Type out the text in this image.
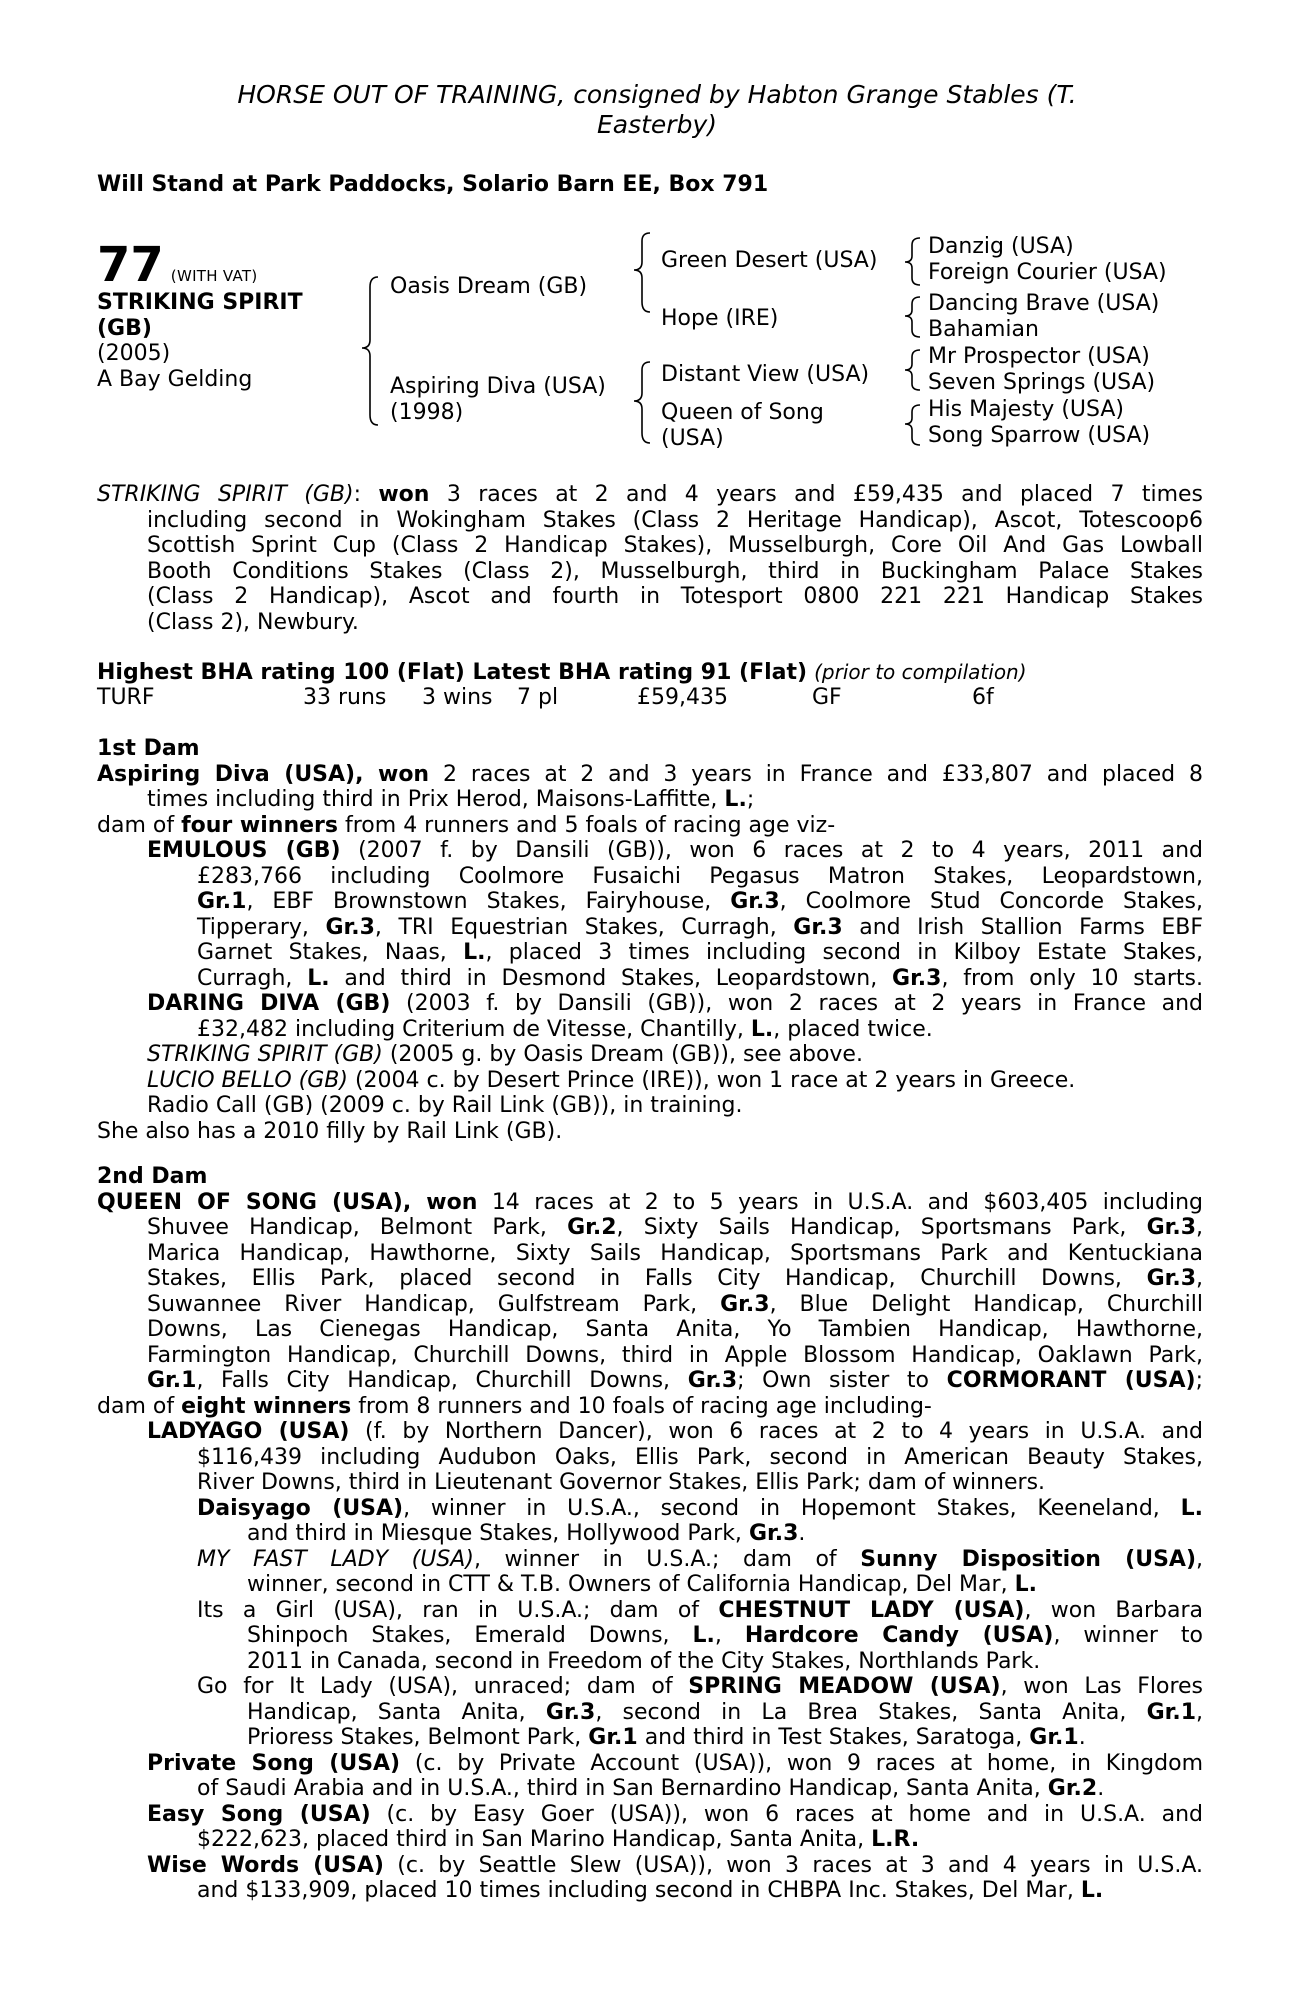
HORSE OUT OF TRAINING, consigned by Habton Grange Stables (T.
Easterby)
Will Stand at Park Paddocks, Solario Barn EE, Box 791
77 (WITH VAT)
STRIKING SPIRIT
(GB)
(2005)
A Bay Gelding
Oasis Dream (GB)
Aspiring Diva (USA)
(1998)
Green Desert (USA)
Hope (IRE)
Distant View (USA)
Queen of Song
(USA)
Danzig (USA)
Foreign Courier (USA)
Dancing Brave (USA)
Bahamian
Mr Prospector (USA)
Seven Springs (USA)
His Majesty (USA)
Song Sparrow (USA)
STRIKING SPIRIT (GB): won 3 races at 2 and 4 years and £59,435 and placed 7 times
including second in Wokingham Stakes (Class 2 Heritage Handicap), Ascot, Totescoop6
Scottish Sprint Cup (Class 2 Handicap Stakes), Musselburgh, Core Oil And Gas Lowball
Booth Conditions Stakes (Class 2), Musselburgh, third in Buckingham Palace Stakes
(Class 2 Handicap), Ascot and fourth in Totesport 0800 221 221 Handicap Stakes
(Class 2), Newbury.
Highest BHA rating 100 (Flat) Latest BHA rating 91 (Flat) (prior to compilation)
TURF	33 runs 3 wins 7 pl	£59,435	GF	6f
1st Dam
Aspiring Diva (USA), won 2 races at 2 and 3 years in France and £33,807 and placed 8
times including third in Prix Herod, Maisons-Laffitte, L.;
dam of four winners from 4 runners and 5 foals of racing age viz-
EMULOUS (GB) (2007 f. by Dansili (GB)), won 6 races at 2 to 4 years, 2011 and
£283,766 including Coolmore Fusaichi Pegasus Matron Stakes, Leopardstown,
Gr.1, EBF Brownstown Stakes, Fairyhouse, Gr.3, Coolmore Stud Concorde Stakes,
Tipperary, Gr.3, TRI Equestrian Stakes, Curragh, Gr.3 and Irish Stallion Farms EBF
Garnet Stakes, Naas, L., placed 3 times including second in Kilboy Estate Stakes,
Curragh, L. and third in Desmond Stakes, Leopardstown, Gr.3, from only 10 starts.
DARING DIVA (GB) (2003 f. by Dansili (GB)), won 2 races at 2 years in France and
£32,482 including Criterium de Vitesse, Chantilly, L., placed twice.
STRIKING SPIRIT (GB) (2005 g. by Oasis Dream (GB)), see above.
LUCIO BELLO (GB) (2004 c. by Desert Prince (IRE)), won 1 race at 2 years in Greece.
Radio Call (GB) (2009 c. by Rail Link (GB)), in training.
She also has a 2010 filly by Rail Link (GB).
2nd Dam
QUEEN OF SONG (USA), won 14 races at 2 to 5 years in U.S.A. and $603,405 including
Shuvee Handicap, Belmont Park, Gr.2, Sixty Sails Handicap, Sportsmans Park, Gr.3,
Marica Handicap, Hawthorne, Sixty Sails Handicap, Sportsmans Park and Kentuckiana
Stakes, Ellis Park, placed second in Falls City Handicap, Churchill Downs, Gr.3,
Suwannee River Handicap, Gulfstream Park, Gr.3, Blue Delight Handicap, Churchill
Downs, Las Cienegas Handicap, Santa Anita, Yo Tambien Handicap, Hawthorne,
Farmington Handicap, Churchill Downs, third in Apple Blossom Handicap, Oaklawn Park,
Gr.1, Falls City Handicap, Churchill Downs, Gr.3; Own sister to CORMORANT (USA);
dam of eight winners from 8 runners and 10 foals of racing age including-
LADYAGO (USA) (f. by Northern Dancer), won 6 races at 2 to 4 years in U.S.A. and
$116,439 including Audubon Oaks, Ellis Park, second in American Beauty Stakes,
River Downs, third in Lieutenant Governor Stakes, Ellis Park; dam of winners.
Daisyago (USA), winner in U.S.A., second in Hopemont Stakes, Keeneland, L.
and third in Miesque Stakes, Hollywood Park, Gr.3.
MY FAST LADY (USA), winner in U.S.A.; dam of Sunny Disposition (USA),
winner, second in CTT & T.B. Owners of California Handicap, Del Mar, L.
Its a Girl (USA), ran in U.S.A.; dam of CHESTNUT LADY (USA), won Barbara
Shinpoch Stakes, Emerald Downs, L., Hardcore Candy (USA), winner to
2011 in Canada, second in Freedom of the City Stakes, Northlands Park.
Go for It Lady (USA), unraced; dam of SPRING MEADOW (USA), won Las Flores
Handicap, Santa Anita, Gr.3, second in La Brea Stakes, Santa Anita, Gr.1,
Prioress Stakes, Belmont Park, Gr.1 and third in Test Stakes, Saratoga, Gr.1.
Private Song (USA) (c. by Private Account (USA)), won 9 races at home, in Kingdom
of Saudi Arabia and in U.S.A., third in San Bernardino Handicap, Santa Anita, Gr.2.
Easy Song (USA) (c. by Easy Goer (USA)), won 6 races at home and in U.S.A. and
$222,623, placed third in San Marino Handicap, Santa Anita, L.R.
Wise Words (USA) (c. by Seattle Slew (USA)), won 3 races at 3 and 4 years in U.S.A.
and $133,909, placed 10 times including second in CHBPA Inc. Stakes, Del Mar, L.
